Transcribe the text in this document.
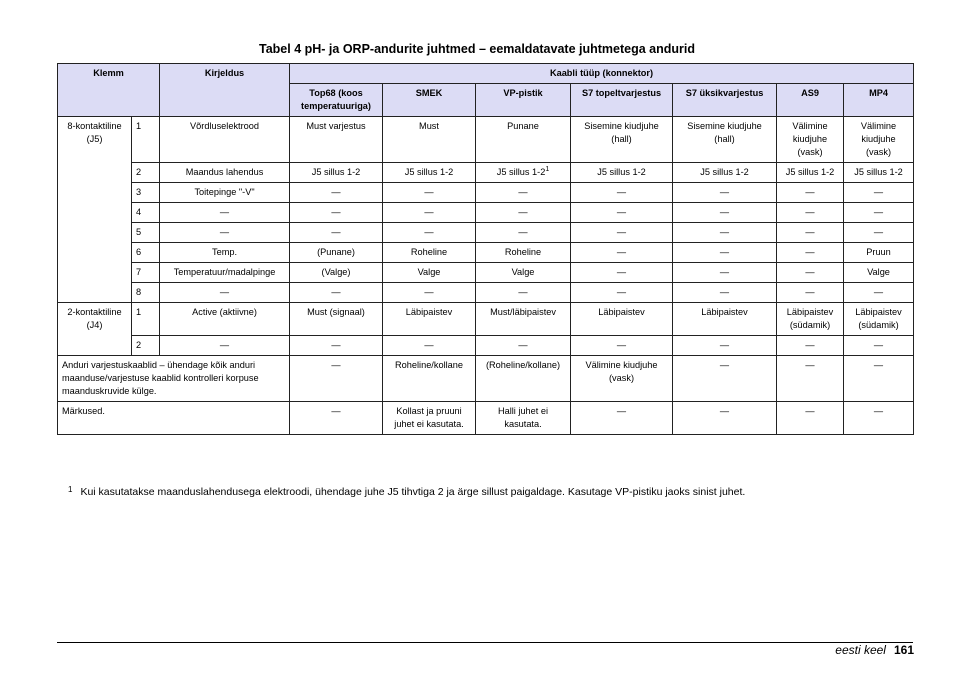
Tabel 4 pH- ja ORP-andurite juhtmed – eemaldatavate juhtmetega andurid
Klemm		Kirjeldus	Kaabli tüüp (konnektor)						
			Top68 (koos temperatuuriga)	SMEK	VP-pistik	S7 topeltvarjestus	S7 üksikvarjestus	AS9	MP4
8-kontaktiline (J5)	1	Võrdluselektrood	Must varjestus	Must	Punane	Sisemine kiudjuhe (hall)	Sisemine kiudjuhe (hall)	Välimine kiudjuhe (vask)	Välimine kiudjuhe (vask)
	2	Maandus lahendus	J5 sillus 1-2	J5 sillus 1-2	J5 sillus $1-2^1$	J5 sillus 1-2	J5 sillus 1-2	J5 sillus 1-2	J5 sillus 1-2
	3	Toitepinge "-V"	—	—	—	—	—	—	—
	4	—	—	—	—	—	—	—	—
	5	—	—	—	—	—	—	—	—
	6	Temp.	(Punane)	Roheline	Roheline	—	—	—	Pruun
	7	Temperatuur/madalpinge	(Valge)	Valge	Valge	—	—	—	Valge
	8	—	—	—	—	—	—	—	—
2-kontaktiline (J4)	1	Active (aktiivne)	Must (signaal)	Läbipaistev	Must/läbipaistev	Läbipaistev	Läbipaistev	Läbipaistev (südamik)	Läbipaistev (südamik)
	2	—	—	—	—	—	—	—	—
Anduri varjestuskaablid – ühendage kõik anduri maanduse/varjestuse kaablid kontrolleri korpuse maanduskruvide külge.			—	Roheline/kollane	(Roheline/kollane)	Välimine kiudjuhe (vask)	—	—	—
Märkused.			—	Kollast ja pruuni juhet ei kasutata.	Halli juhet ei kasutata.	—	—	—	—
$^1$ Kui kasutatakse maanduslahendusega elektroodi, ühendage juhe J5 tihvtiga 2 ja ärge sillust paigaldage. Kasutage VP-pistiku jaoks sinist juhet.
eesti keel 161
